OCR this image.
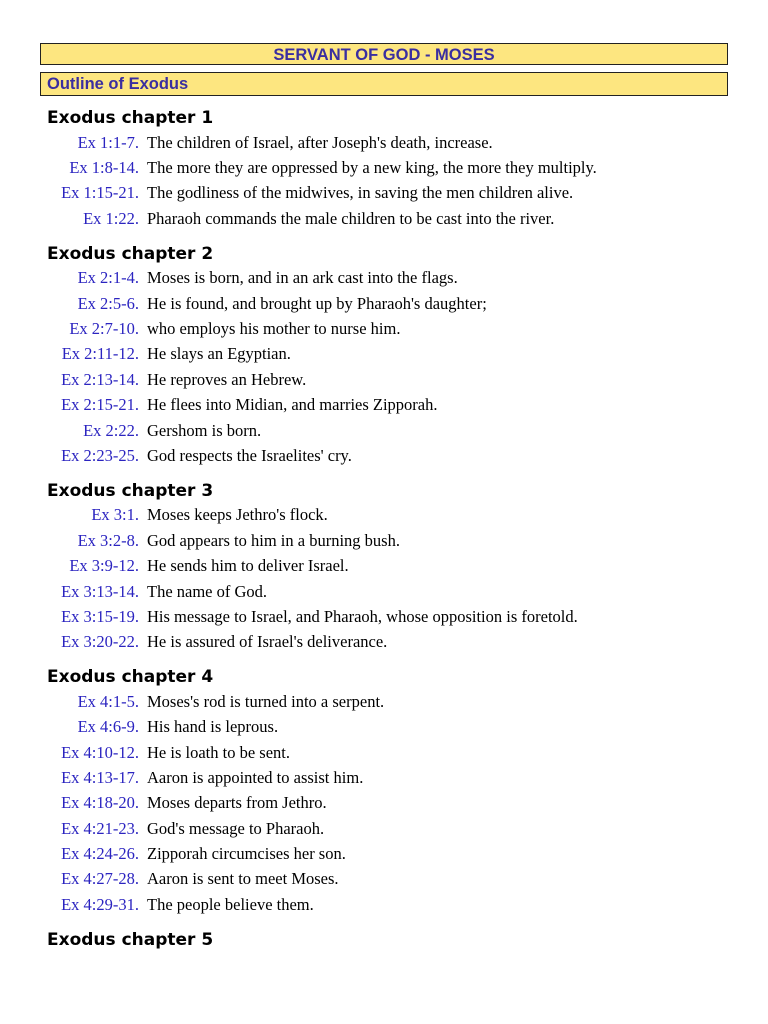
SERVANT OF GOD - MOSES
Outline of Exodus
Exodus chapter 1
Ex 1:1-7. The children of Israel, after Joseph's death, increase.
Ex 1:8-14. The more they are oppressed by a new king, the more they multiply.
Ex 1:15-21. The godliness of the midwives, in saving the men children alive.
Ex 1:22. Pharaoh commands the male children to be cast into the river.
Exodus chapter 2
Ex 2:1-4. Moses is born, and in an ark cast into the flags.
Ex 2:5-6. He is found, and brought up by Pharaoh's daughter;
Ex 2:7-10. who employs his mother to nurse him.
Ex 2:11-12. He slays an Egyptian.
Ex 2:13-14. He reproves an Hebrew.
Ex 2:15-21. He flees into Midian, and marries Zipporah.
Ex 2:22. Gershom is born.
Ex 2:23-25. God respects the Israelites' cry.
Exodus chapter 3
Ex 3:1. Moses keeps Jethro's flock.
Ex 3:2-8. God appears to him in a burning bush.
Ex 3:9-12. He sends him to deliver Israel.
Ex 3:13-14. The name of God.
Ex 3:15-19. His message to Israel, and Pharaoh, whose opposition is foretold.
Ex 3:20-22. He is assured of Israel's deliverance.
Exodus chapter 4
Ex 4:1-5. Moses's rod is turned into a serpent.
Ex 4:6-9. His hand is leprous.
Ex 4:10-12. He is loath to be sent.
Ex 4:13-17. Aaron is appointed to assist him.
Ex 4:18-20. Moses departs from Jethro.
Ex 4:21-23. God's message to Pharaoh.
Ex 4:24-26. Zipporah circumcises her son.
Ex 4:27-28. Aaron is sent to meet Moses.
Ex 4:29-31. The people believe them.
Exodus chapter 5
